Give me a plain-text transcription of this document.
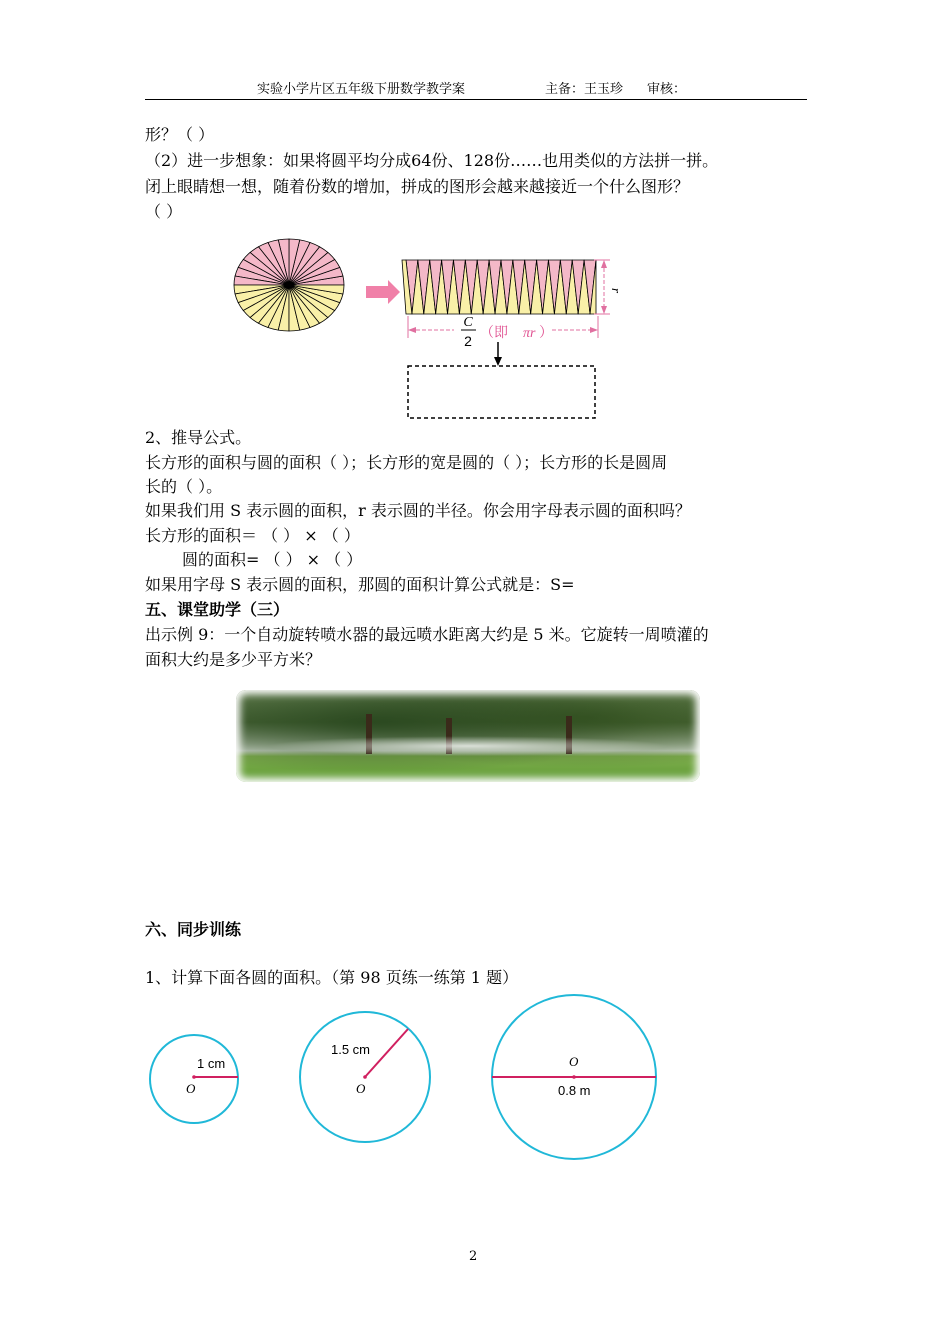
实验小学片区五年级下册数学教学案	主备：王玉珍 审核：
形？（ ）
（2）进一步想象：如果将圆平均分成64份、128份……也用类似的方法拼一拼。
闭上眼睛想一想，随着份数的增加，拼成的图形会越来越接近一个什么图形？
（ ）
C
2 （即 πr ）
r
2、推导公式。
长方形的面积与圆的面积（ ）；长方形的宽是圆的（ ）；长方形的长是圆周
长的（ ）。
如果我们用 S 表示圆的面积，r 表示圆的半径。你会用字母表示圆的面积吗？
长方形的面积＝ （ ） × （ ）
圆的面积= （ ） × （ ）
如果用字母 S 表示圆的面积，那圆的面积计算公式就是：S=
五、课堂助学（三）
出示例 9：一个自动旋转喷水器的最远喷水距离大约是 5 米。它旋转一周喷灌的
面积大约是多少平方米？
六、同步训练
1、计算下面各圆的面积。（第 98 页练一练第 1 题）
1 cm
O
1.5 cm
O
O
0.8 m
2
